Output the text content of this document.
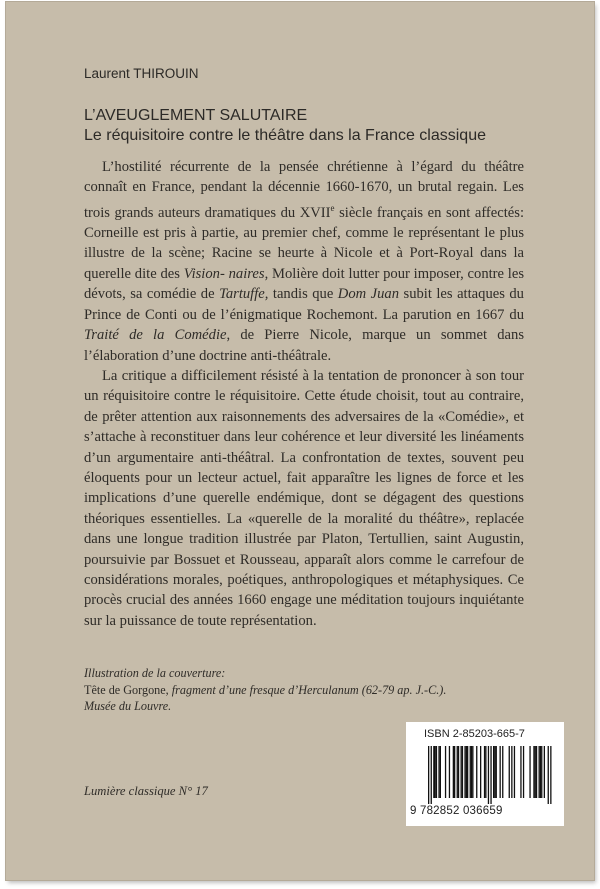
Laurent THIROUIN
L’AVEUGLEMENT SALUTAIRE
Le réquisitoire contre le théâtre dans la France classique

L’hostilité récurrente de la pensée chrétienne à l’égard du théâtre connaît en France, pendant la décennie 1660-1670, un brutal regain. Les trois grands auteurs dramatiques du XVIIe siècle français en sont affectés: Corneille est pris à partie, au premier chef, comme le représentant le plus illustre de la scène; Racine se heurte à Nicole et à Port-Royal dans la querelle dite des Vision- naires, Molière doit lutter pour imposer, contre les dévots, sa comédie de Tartuffe, tandis que Dom Juan subit les attaques du Prince de Conti ou de l’énigmatique Rochemont. La parution en 1667 du Traité de la Comédie, de Pierre Nicole, marque un sommet dans l’élaboration d’une doctrine anti-théâtrale.

La critique a difficilement résisté à la tentation de prononcer à son tour un réquisitoire contre le réquisitoire. Cette étude choisit, tout au contraire, de prêter attention aux raisonnements des adversaires de la «Comédie», et s’attache à reconstituer dans leur cohérence et leur diversité les linéaments d’un argumentaire anti-théâtral. La confrontation de textes, souvent peu éloquents pour un lecteur actuel, fait apparaître les lignes de force et les implications d’une querelle endémique, dont se dégagent des questions théoriques essentielles. La «querelle de la moralité du théâtre», replacée dans une longue tradition illustrée par Platon, Tertullien, saint Augustin, poursuivie par Bossuet et Rousseau, apparaît alors comme le carrefour de considérations morales, poétiques, anthropologiques et métaphysiques. Ce procès crucial des années 1660 engage une méditation toujours inquiétante sur la puissance de toute représentation.

Illustration de la couverture:
Tête de Gorgone, fragment d’une fresque d’Herculanum (62-79 ap. J.-C.).
Musée du Louvre.
Lumière classique N° 17
ISBN 2-85203-665-7
9 782852 036659
